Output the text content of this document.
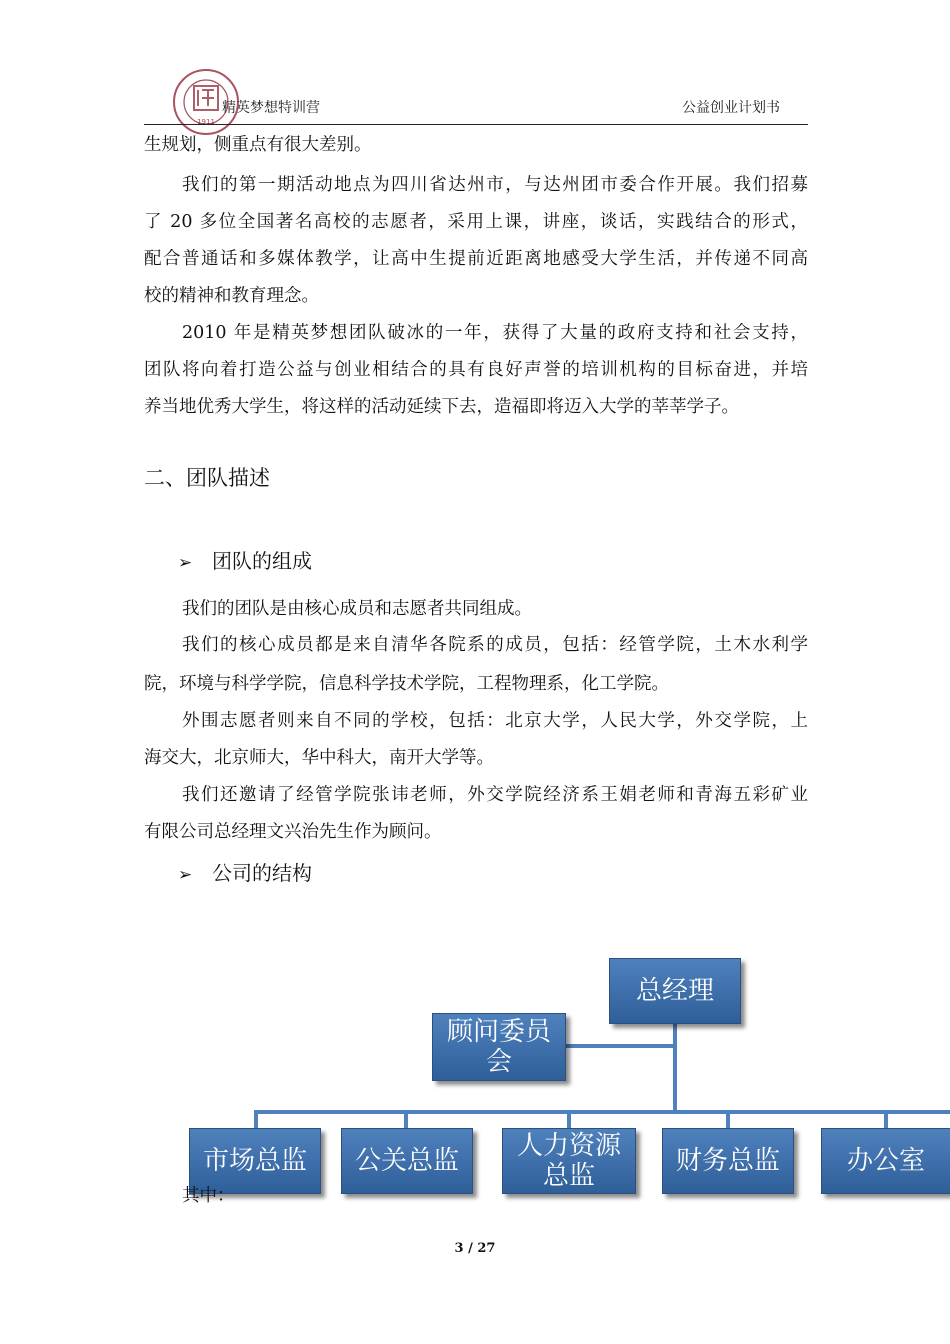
1911
精英梦想特训营	公益创业计划书
生规划，侧重点有很大差别。
我们的第一期活动地点为四川省达州市，与达州团市委合作开展。我们招募
了 20 多位全国著名高校的志愿者，采用上课，讲座，谈话，实践结合的形式，
配合普通话和多媒体教学，让高中生提前近距离地感受大学生活，并传递不同高
校的精神和教育理念。
2010 年是精英梦想团队破冰的一年，获得了大量的政府支持和社会支持，
团队将向着打造公益与创业相结合的具有良好声誉的培训机构的目标奋进，并培
养当地优秀大学生，将这样的活动延续下去，造福即将迈入大学的莘莘学子。
二、团队描述
➢ 团队的组成
我们的团队是由核心成员和志愿者共同组成。
我们的核心成员都是来自清华各院系的成员，包括：经管学院，土木水利学
院，环境与科学学院，信息科学技术学院，工程物理系，化工学院。
外围志愿者则来自不同的学校，包括：北京大学，人民大学，外交学院，上
海交大，北京师大，华中科大，南开大学等。
我们还邀请了经管学院张讳老师，外交学院经济系王娟老师和青海五彩矿业
有限公司总经理文兴治先生作为顾问。
➢ 公司的结构
总经理
顾问委员
会
市场总监 公关总监 人力资源
总监	财务总监	办公室
其中：
3 / 27
